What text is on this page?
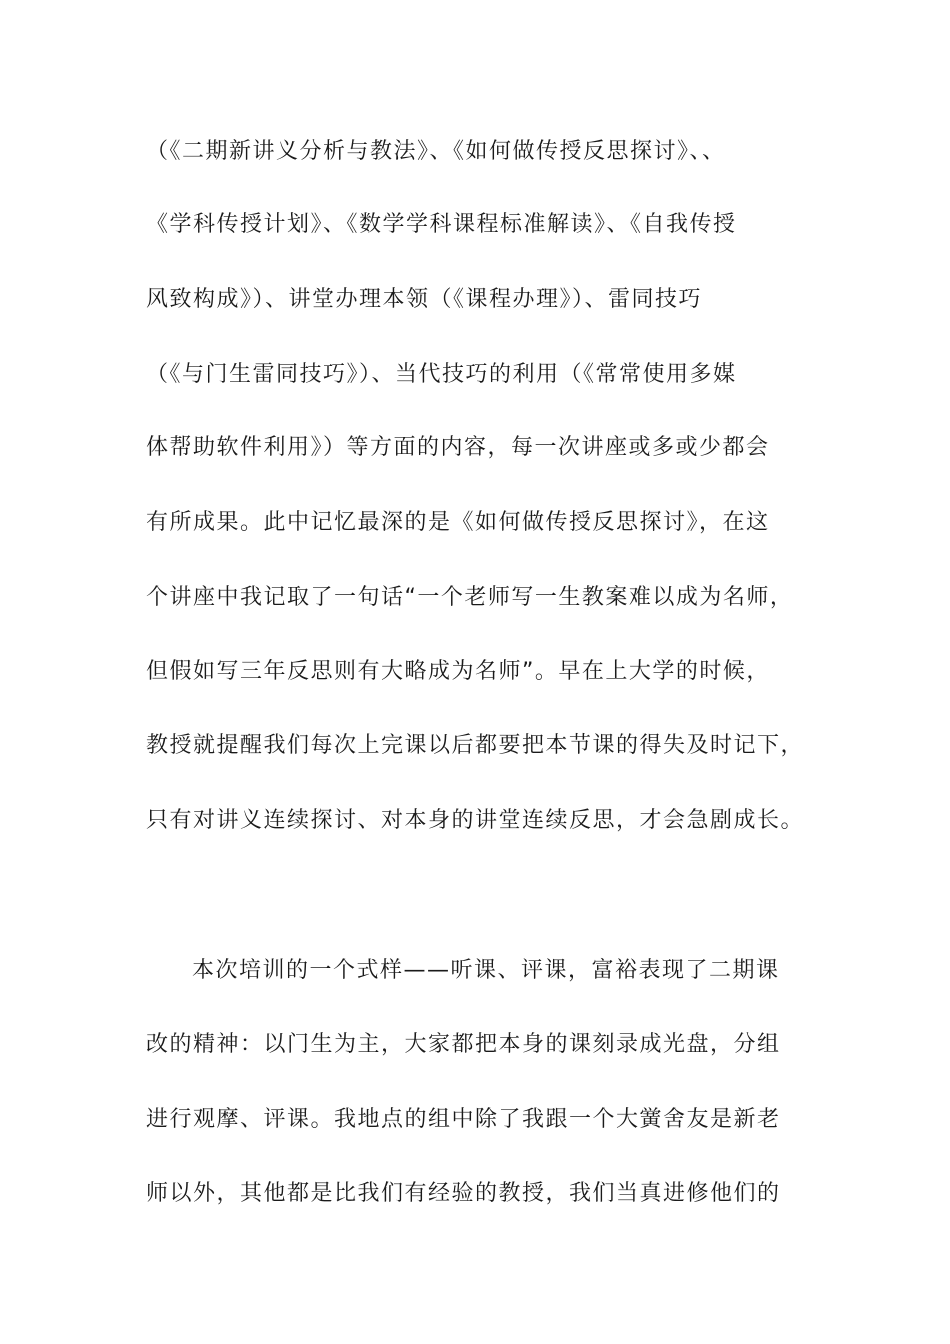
（《二期新讲义分析与教法》、《如何做传授反思探讨》、、
《学科传授计划》、《数学学科课程标准解读》、《自我传授
风致构成》）、讲堂办理本领（《课程办理》）、雷同技巧
（《与门生雷同技巧》）、当代技巧的利用（《常常使用多媒
体帮助软件利用》）等方面的内容，每一次讲座或多或少都会
有所成果。此中记忆最深的是《如何做传授反思探讨》，在这
个讲座中我记取了一句话“一个老师写一生教案难以成为名师，
但假如写三年反思则有大略成为名师”。早在上大学的时候，
教授就提醒我们每次上完课以后都要把本节课的得失及时记下，
只有对讲义连续探讨、对本身的讲堂连续反思，才会急剧成长。
本次培训的一个式样——听课、评课，富裕表现了二期课
改的精神：以门生为主，大家都把本身的课刻录成光盘，分组
进行观摩、评课。我地点的组中除了我跟一个大黉舍友是新老
师以外，其他都是比我们有经验的教授，我们当真进修他们的
